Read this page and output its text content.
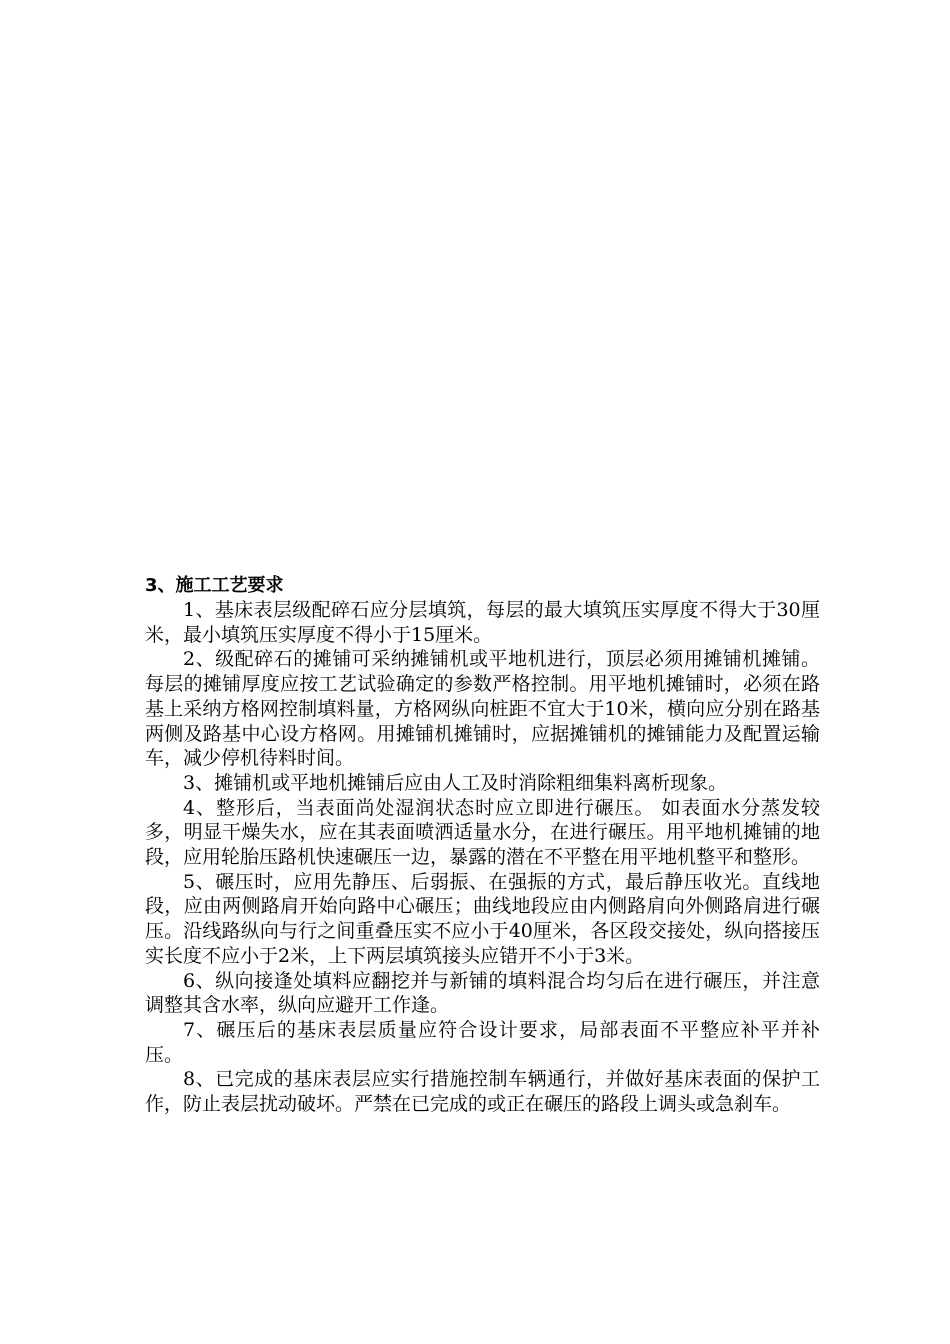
3、施工工艺要求

1、基床表层级配碎石应分层填筑，每层的最大填筑压实厚度不得大于30厘米，最小填筑压实厚度不得小于15厘米。

2、级配碎石的摊铺可采纳摊铺机或平地机进行，顶层必须用摊铺机摊铺。每层的摊铺厚度应按工艺试验确定的参数严格控制。用平地机摊铺时，必须在路基上采纳方格网控制填料量，方格网纵向桩距不宜大于10米，横向应分别在路基两侧及路基中心设方格网。用摊铺机摊铺时，应据摊铺机的摊铺能力及配置运输车，减少停机待料时间。

3、摊铺机或平地机摊铺后应由人工及时消除粗细集料离析现象。

4、整形后，当表面尚处湿润状态时应立即进行碾压。 如表面水分蒸发较多，明显干燥失水，应在其表面喷洒适量水分，在进行碾压。用平地机摊铺的地段，应用轮胎压路机快速碾压一边，暴露的潜在不平整在用平地机整平和整形。

5、碾压时，应用先静压、后弱振、在强振的方式，最后静压收光。直线地段，应由两侧路肩开始向路中心碾压；曲线地段应由内侧路肩向外侧路肩进行碾压。沿线路纵向与行之间重叠压实不应小于40厘米，各区段交接处，纵向搭接压实长度不应小于2米，上下两层填筑接头应错开不小于3米。

6、纵向接逢处填料应翻挖并与新铺的填料混合均匀后在进行碾压，并注意调整其含水率，纵向应避开工作逢。

7、碾压后的基床表层质量应符合设计要求，局部表面不平整应补平并补压。

8、已完成的基床表层应实行措施控制车辆通行，并做好基床表面的保护工作，防止表层扰动破坏。严禁在已完成的或正在碾压的路段上调头或急刹车。
